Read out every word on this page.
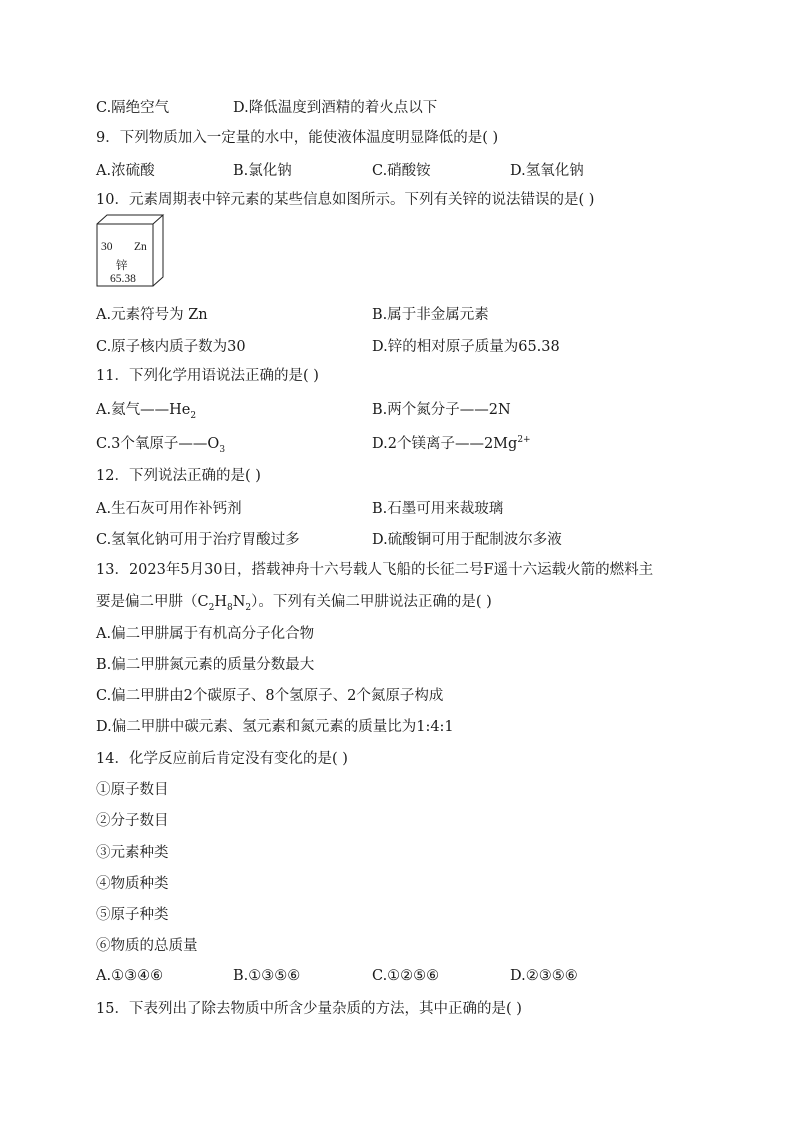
C.隔绝空气	D.降低温度到酒精的着火点以下
9．下列物质加入一定量的水中，能使液体温度明显降低的是( )
A.浓硫酸	B.氯化钠	C.硝酸铵	D.氢氧化钠
10．元素周期表中锌元素的某些信息如图所示。下列有关锌的说法错误的是( )
30 Zn
锌
65.38
A.元素符号为 Zn	B.属于非金属元素
C.原子核内质子数为30	D.锌的相对原子质量为65.38
11．下列化学用语说法正确的是( )
A.氦气$——He_2$	B.两个氮分子——2N
C.3个氧原子$——O_3$	D.2个镁离子$——2Mg^{2+}$
12．下列说法正确的是( )
A.生石灰可用作补钙剂	B.石墨可用来裁玻璃
C.氢氧化钠可用于治疗胃酸过多	D.硫酸铜可用于配制波尔多液
13．2023年5月30日，搭载神舟十六号载人飞船的长征二号F遥十六运载火箭的燃料主
要是偏二甲肼$(C_2H_8N_2)$。下列有关偏二甲肼说法正确的是( )
A.偏二甲肼属于有机高分子化合物
B.偏二甲肼氮元素的质量分数最大
C.偏二甲肼由2个碳原子、8个氢原子、2个氮原子构成
D.偏二甲肼中碳元素、氢元素和氮元素的质量比为1:4:1
14．化学反应前后肯定没有变化的是( )
①原子数目
②分子数目
③元素种类
④物质种类
⑤原子种类
⑥物质的总质量
A.①③④⑥	B.①③⑤⑥	C.①②⑤⑥	D.②③⑤⑥
15．下表列出了除去物质中所含少量杂质的方法，其中正确的是( )
